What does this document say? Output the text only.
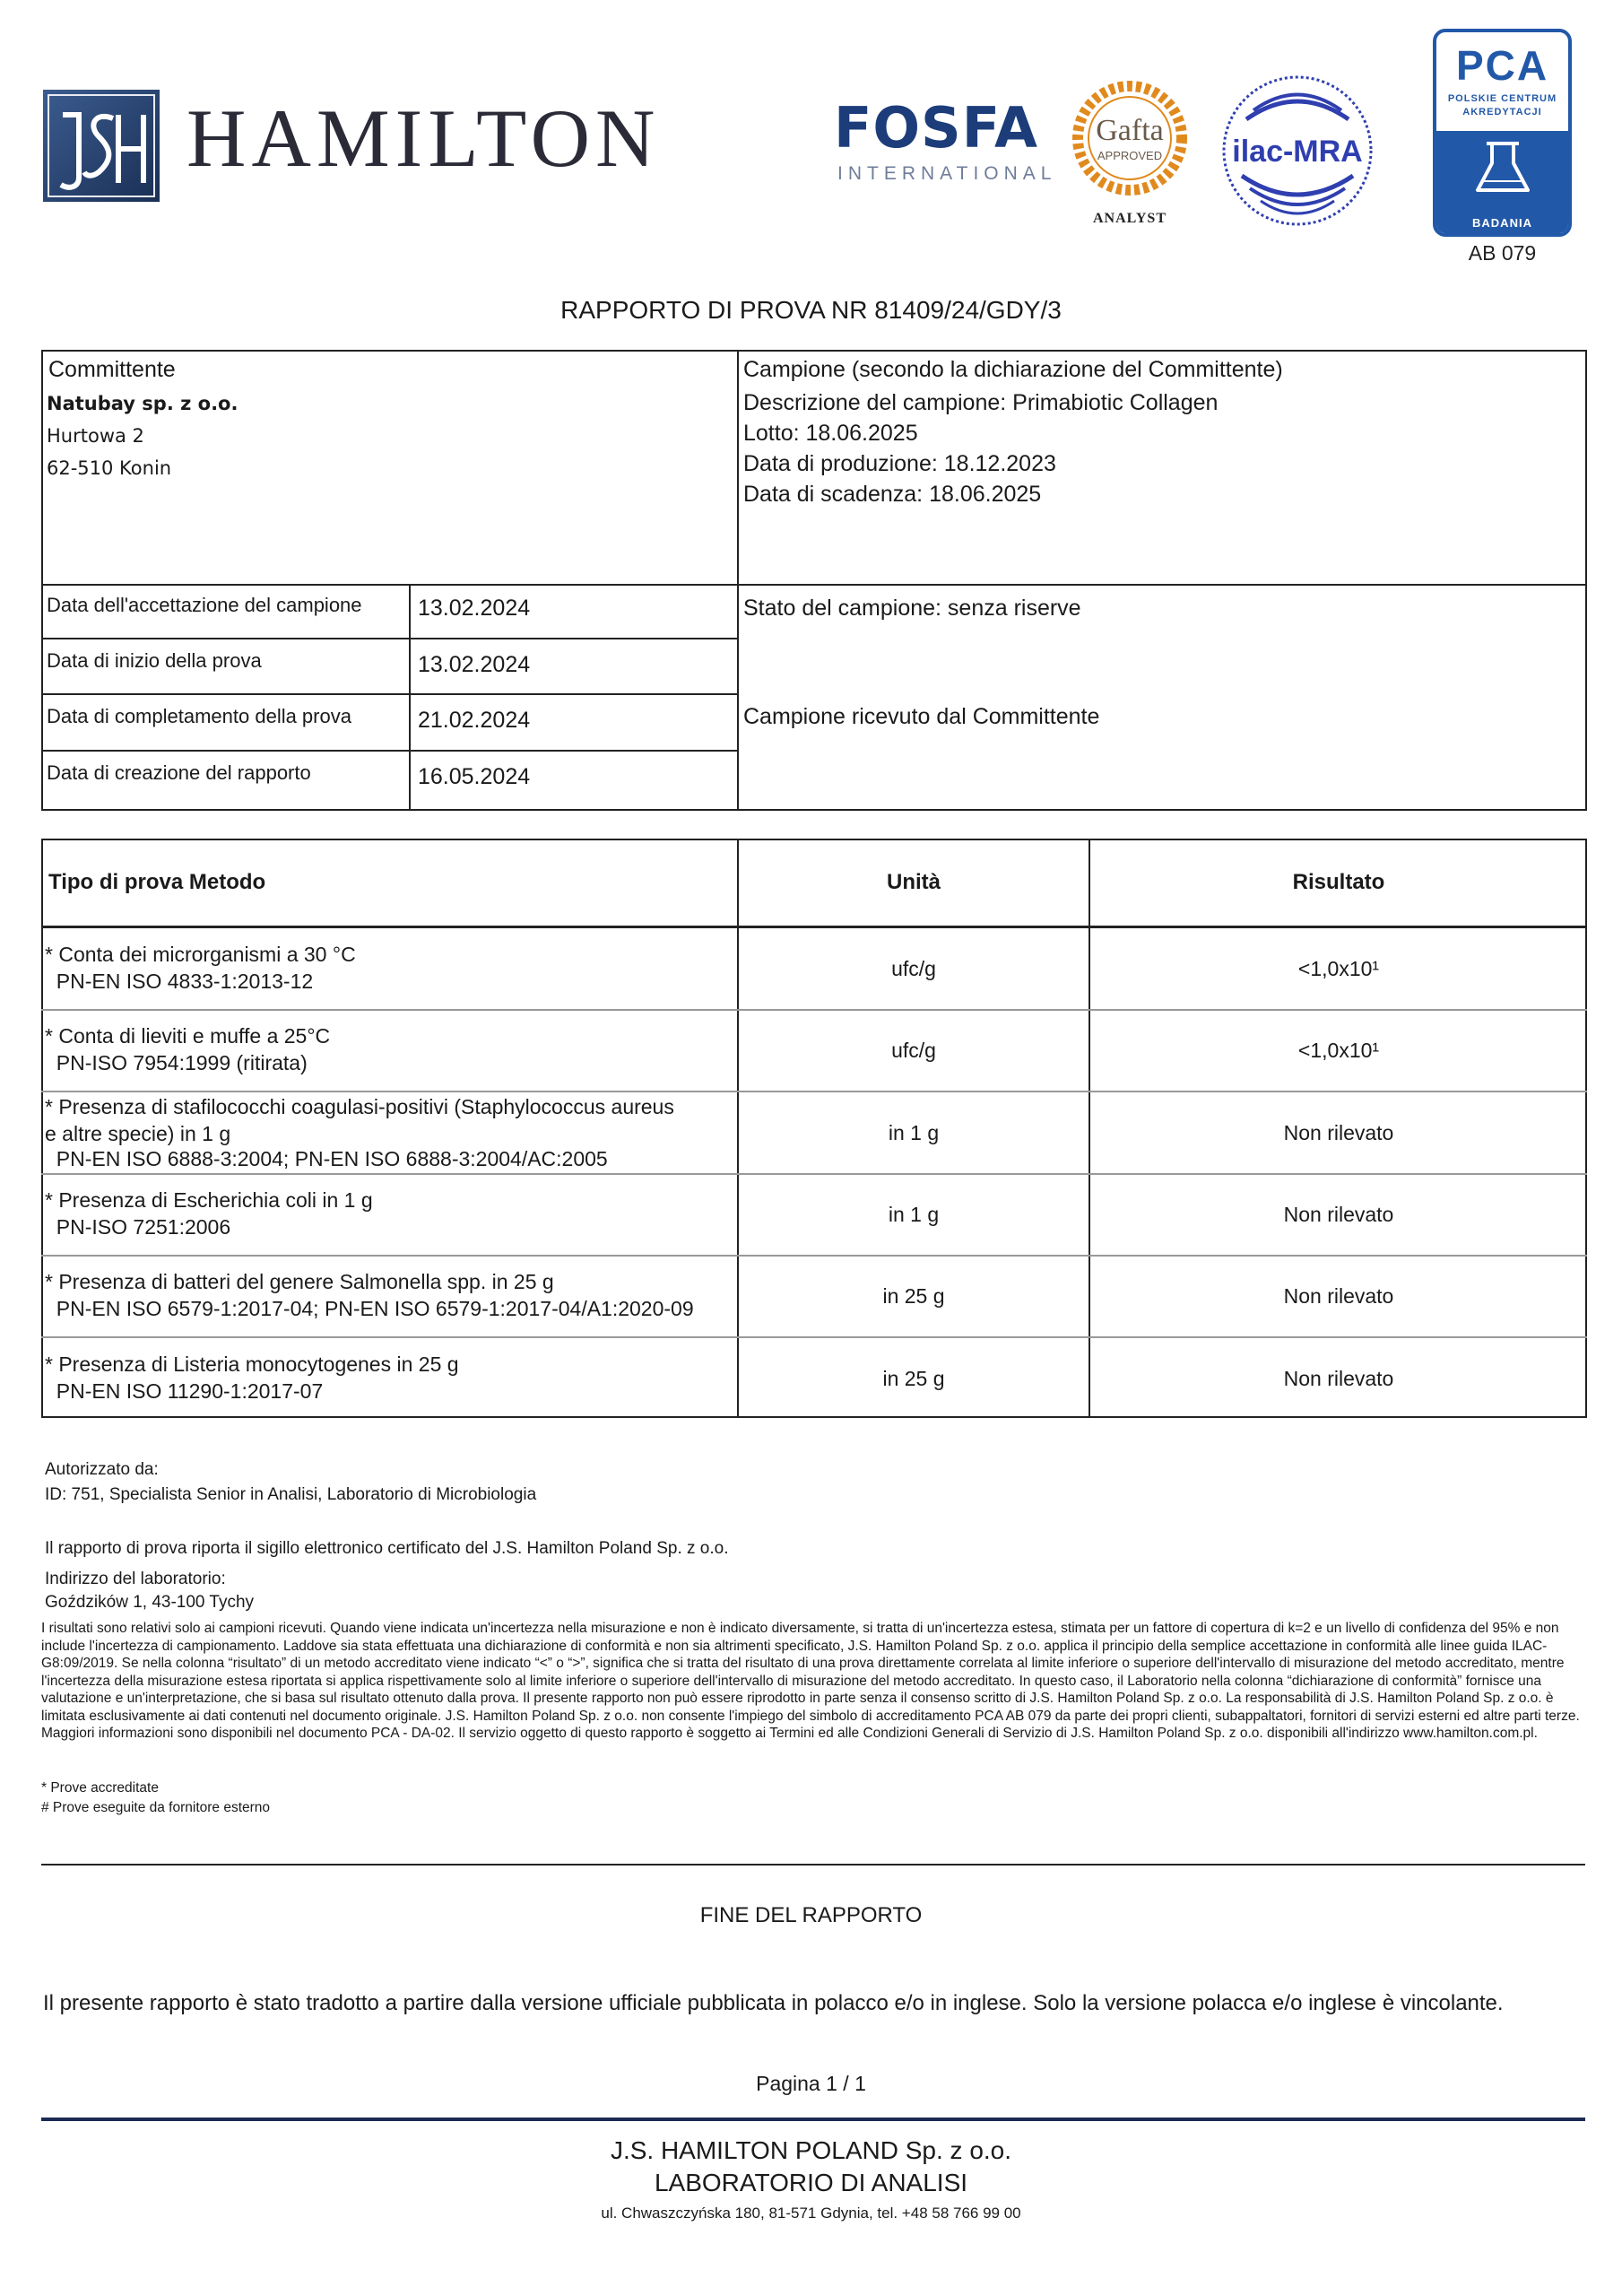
HAMILTON	FOSFA
INTERNATIONAL
Gafta
APPROVED
ANALYST
ilac-MRA
PCA
POLSKIE CENTRUM
AKREDYTACJI
BADANIA
AB 079
RAPPORTO DI PROVA NR 81409/24/GDY/3
Committente
Natubay sp. z o.o.
Hurtowa 2
62-510 Konin
Campione (secondo la dichiarazione del Committente)
Descrizione del campione: Primabiotic Collagen
Lotto: 18.06.2025
Data di produzione: 18.12.2023
Data di scadenza: 18.06.2025
Data dell'accettazione del campione 13.02.2024
Data di inizio della prova	13.02.2024
Data di completamento della prova	21.02.2024
Data di creazione del rapporto	16.05.2024
Stato del campione: senza riserve
Campione ricevuto dal Committente
Tipo di prova Metodo	Unità	Risultato
* Conta dei microrganismi a 30 °C
PN-EN ISO 4833-1:2013-12
ufc/g	<1,0x10¹
* Conta di lieviti e muffe a 25°C
PN-ISO 7954:1999 (ritirata)
ufc/g	<1,0x10¹
* Presenza di stafilococchi coagulasi-positivi (Staphylococcus aureus
e altre specie) in 1 g
PN-EN ISO 6888-3:2004; PN-EN ISO 6888-3:2004/AC:2005
in 1 g	Non rilevato
* Presenza di Escherichia coli in 1 g
PN-ISO 7251:2006
in 1 g	Non rilevato
* Presenza di batteri del genere Salmonella spp. in 25 g
PN-EN ISO 6579-1:2017-04; PN-EN ISO 6579-1:2017-04/A1:2020-09
in 25 g	Non rilevato
* Presenza di Listeria monocytogenes in 25 g
PN-EN ISO 11290-1:2017-07
in 25 g	Non rilevato
Autorizzato da:
ID: 751, Specialista Senior in Analisi, Laboratorio di Microbiologia
Il rapporto di prova riporta il sigillo elettronico certificato del J.S. Hamilton Poland Sp. z o.o.
Indirizzo del laboratorio:
Goździków 1, 43-100 Tychy
I risultati sono relativi solo ai campioni ricevuti. Quando viene indicata un'incertezza nella misurazione e non è indicato diversamente, si tratta di un'incertezza estesa, stimata per un fattore di copertura di k=2 e un livello di confidenza del 95% e non include l'incertezza di campionamento. Laddove sia stata effettuata una dichiarazione di conformità e non sia altrimenti specificato, J.S. Hamilton Poland Sp. z o.o. applica il principio della semplice accettazione in conformità alle linee guida ILAC-G8:09/2019. Se nella colonna “risultato” di un metodo accreditato viene indicato “<” o “>”, significa che si tratta del risultato di una prova direttamente correlata al limite inferiore o superiore dell'intervallo di misurazione del metodo accreditato, mentre l'incertezza della misurazione estesa riportata si applica rispettivamente solo al limite inferiore o superiore dell'intervallo di misurazione del metodo accreditato. In questo caso, il Laboratorio nella colonna “dichiarazione di conformità” fornisce una valutazione e un'interpretazione, che si basa sul risultato ottenuto dalla prova. Il presente rapporto non può essere riprodotto in parte senza il consenso scritto di J.S. Hamilton Poland Sp. z o.o. La responsabilità di J.S. Hamilton Poland Sp. z o.o. è limitata esclusivamente ai dati contenuti nel documento originale. J.S. Hamilton Poland Sp. z o.o. non consente l'impiego del simbolo di accreditamento PCA AB 079 da parte dei propri clienti, subappaltatori, fornitori di servizi esterni ed altre parti terze. Maggiori informazioni sono disponibili nel documento PCA - DA-02. Il servizio oggetto di questo rapporto è soggetto ai Termini ed alle Condizioni Generali di Servizio di J.S. Hamilton Poland Sp. z o.o. disponibili all'indirizzo www.hamilton.com.pl.
* Prove accreditate
# Prove eseguite da fornitore esterno
FINE DEL RAPPORTO
Il presente rapporto è stato tradotto a partire dalla versione ufficiale pubblicata in polacco e/o in inglese. Solo la versione polacca e/o inglese è vincolante.
Pagina 1 / 1
J.S. HAMILTON POLAND Sp. z o.o.
LABORATORIO DI ANALISI
ul. Chwaszczyńska 180, 81-571 Gdynia, tel. +48 58 766 99 00
